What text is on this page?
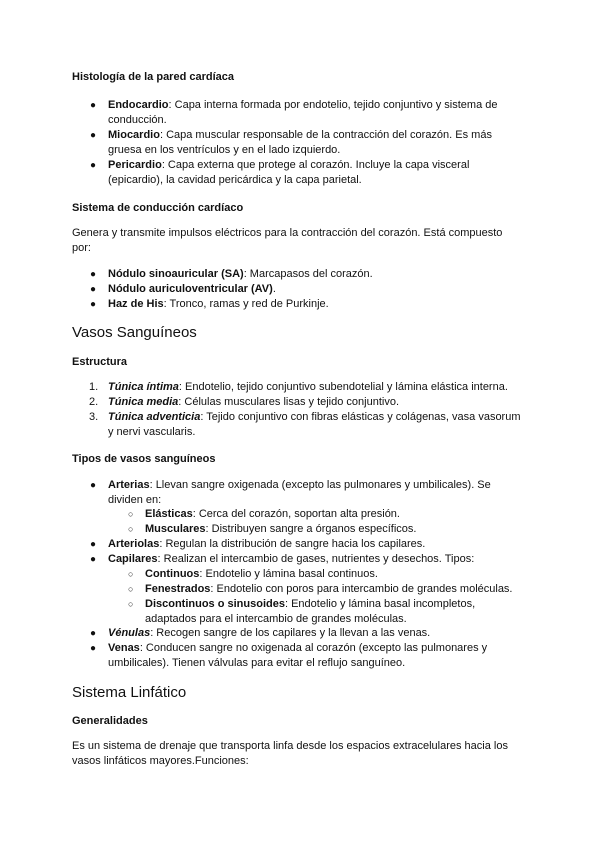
Histología de la pared cardíaca
● Endocardio: Capa interna formada por endotelio, tejido conjuntivo y sistema de conducción.
● Miocardio: Capa muscular responsable de la contracción del corazón. Es más gruesa en los ventrículos y en el lado izquierdo.
● Pericardio: Capa externa que protege al corazón. Incluye la capa visceral (epicardio), la cavidad pericárdica y la capa parietal.
Sistema de conducción cardíaco
Genera y transmite impulsos eléctricos para la contracción del corazón. Está compuesto por:
● Nódulo sinoauricular (SA): Marcapasos del corazón.
● Nódulo auriculoventricular (AV).
● Haz de His: Tronco, ramas y red de Purkinje.
Vasos Sanguíneos
Estructura
1. Túnica íntima: Endotelio, tejido conjuntivo subendotelial y lámina elástica interna.
2. Túnica media: Células musculares lisas y tejido conjuntivo.
3. Túnica adventicia: Tejido conjuntivo con fibras elásticas y colágenas, vasa vasorum y nervi vascularis.
Tipos de vasos sanguíneos
● Arterias: Llevan sangre oxigenada (excepto las pulmonares y umbilicales). Se dividen en:
○ Elásticas: Cerca del corazón, soportan alta presión.
○ Musculares: Distribuyen sangre a órganos específicos.
● Arteriolas: Regulan la distribución de sangre hacia los capilares.
● Capilares: Realizan el intercambio de gases, nutrientes y desechos. Tipos:
○ Continuos: Endotelio y lámina basal continuos.
○ Fenestrados: Endotelio con poros para intercambio de grandes moléculas.
○ Discontinuos o sinusoides: Endotelio y lámina basal incompletos, adaptados para el intercambio de grandes moléculas.
● Vénulas: Recogen sangre de los capilares y la llevan a las venas.
● Venas: Conducen sangre no oxigenada al corazón (excepto las pulmonares y umbilicales). Tienen válvulas para evitar el reflujo sanguíneo.
Sistema Linfático
Generalidades
Es un sistema de drenaje que transporta linfa desde los espacios extracelulares hacia los vasos linfáticos mayores.Funciones:
